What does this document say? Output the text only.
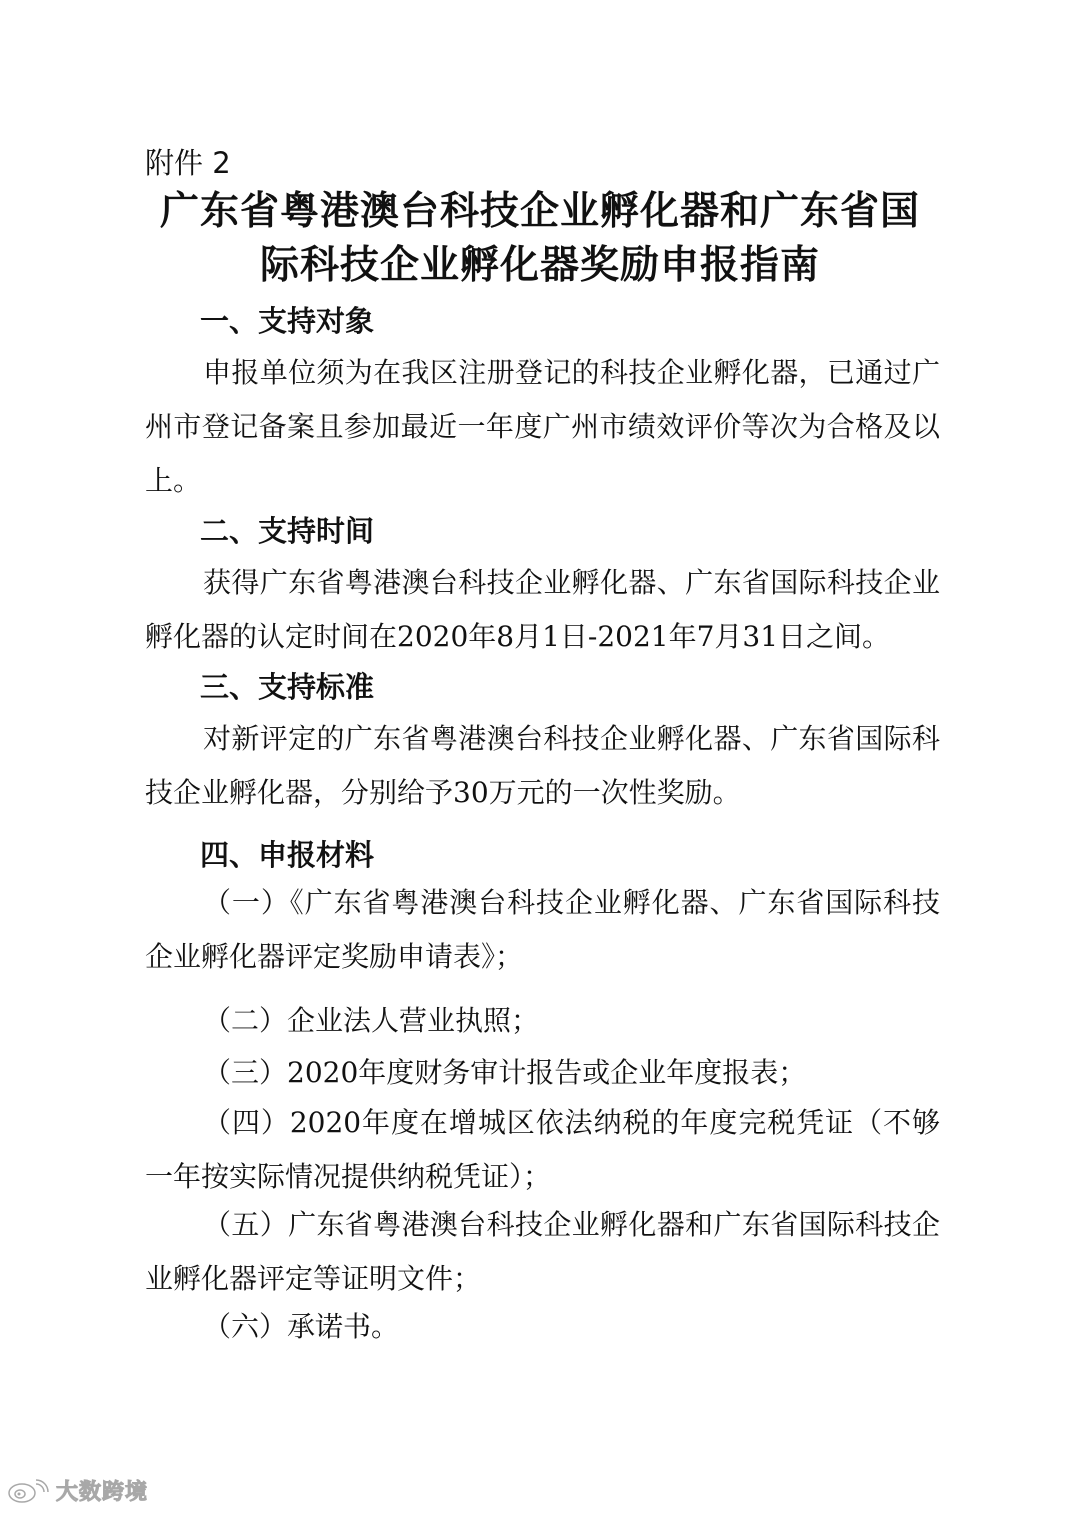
附件 2
广东省粤港澳台科技企业孵化器和广东省国
际科技企业孵化器奖励申报指南
一、支持对象
申报单位须为在我区注册登记的科技企业孵化器，已通过广州市登记备案且参加最近一年度广州市绩效评价等次为合格及以上。
二、支持时间
获得广东省粤港澳台科技企业孵化器、广东省国际科技企业孵化器的认定时间在2020年8月1日-2021年7月31日之间。
三、支持标准
对新评定的广东省粤港澳台科技企业孵化器、广东省国际科技企业孵化器，分别给予30万元的一次性奖励。
四、申报材料
（一）《广东省粤港澳台科技企业孵化器、广东省国际科技企业孵化器评定奖励申请表》；
（二）企业法人营业执照；
（三）2020年度财务审计报告或企业年度报表；
（四）2020年度在增城区依法纳税的年度完税凭证（不够一年按实际情况提供纳税凭证）；
（五）广东省粤港澳台科技企业孵化器和广东省国际科技企业孵化器评定等证明文件；
（六）承诺书。
大数跨境
